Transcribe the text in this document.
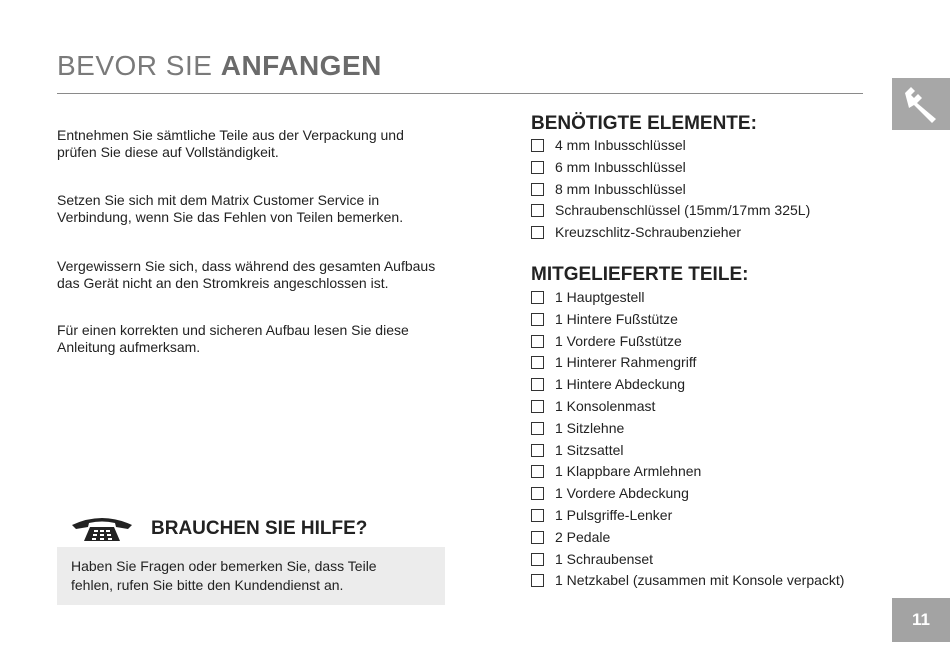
BEVOR SIE ANFANGEN
11
Entnehmen Sie sämtliche Teile aus der Verpackung und
prüfen Sie diese auf Vollständigkeit.
Setzen Sie sich mit dem Matrix Customer Service in
Verbindung, wenn Sie das Fehlen von Teilen bemerken.
Vergewissern Sie sich, dass während des gesamten Aufbaus
das Gerät nicht an den Stromkreis angeschlossen ist.
Für einen korrekten und sicheren Aufbau lesen Sie diese
Anleitung aufmerksam.
BRAUCHEN SIE HILFE?
Haben Sie Fragen oder bemerken Sie, dass Teile
fehlen, rufen Sie bitte den Kundendienst an.
BENÖTIGTE ELEMENTE:
4 mm Inbusschlüssel
6 mm Inbusschlüssel
8 mm Inbusschlüssel
Schraubenschlüssel (15mm/17mm 325L)
Kreuzschlitz-Schraubenzieher
MITGELIEFERTE TEILE:
1 Hauptgestell
1 Hintere Fußstütze
1 Vordere Fußstütze
1 Hinterer Rahmengriff
1 Hintere Abdeckung
1 Konsolenmast
1 Sitzlehne
1 Sitzsattel
1 Klappbare Armlehnen
1 Vordere Abdeckung
1 Pulsgriffe-Lenker
2 Pedale
1 Schraubenset
1 Netzkabel (zusammen mit Konsole verpackt)
